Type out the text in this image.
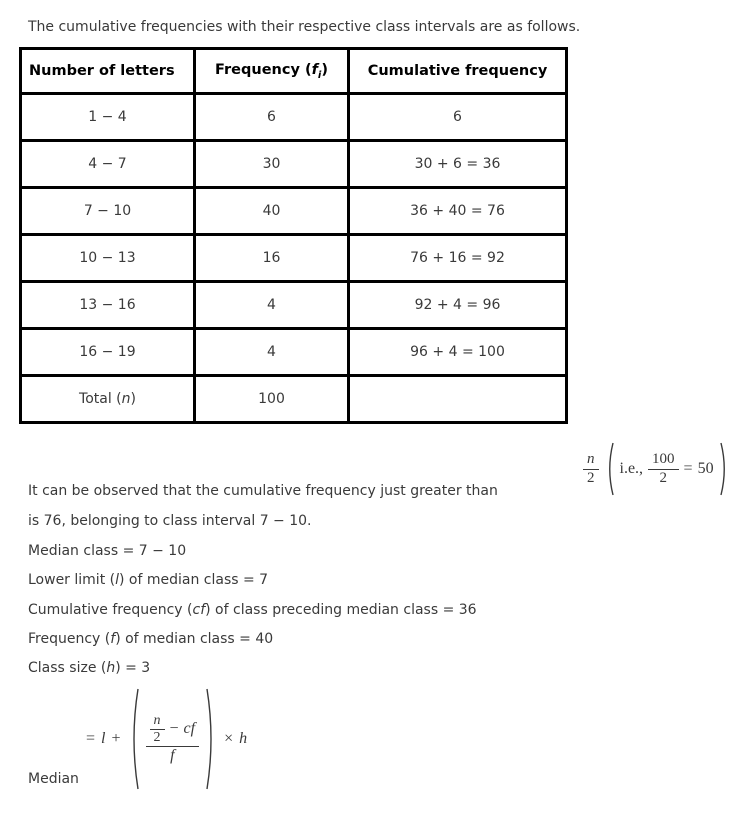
The cumulative frequencies with their respective class intervals are as follows.

Number of letters	Frequency $(f_i)$	Cumulative frequency
1 − 4	6	6
4 − 7	30	30 + 6 = 36
7 − 10	40	36 + 40 = 76
10 − 13	16	76 + 16 = 92
13 − 16	4	92 + 4 = 96
16 − 19	4	96 + 4 = 100
Total (n)	100	
n
2
i.e., $\frac{100}{2} = 50$

It can be observed that the cumulative frequency just greater than

is 76, belonging to class interval 7 − 10.

Median class = 7 − 10

Lower limit (l) of median class = 7

Cumulative frequency (cf) of class preceding median class = 36

Frequency (f) of median class = 40

Class size (h) = 3

Median

= l + n
2
− cf
f × h
